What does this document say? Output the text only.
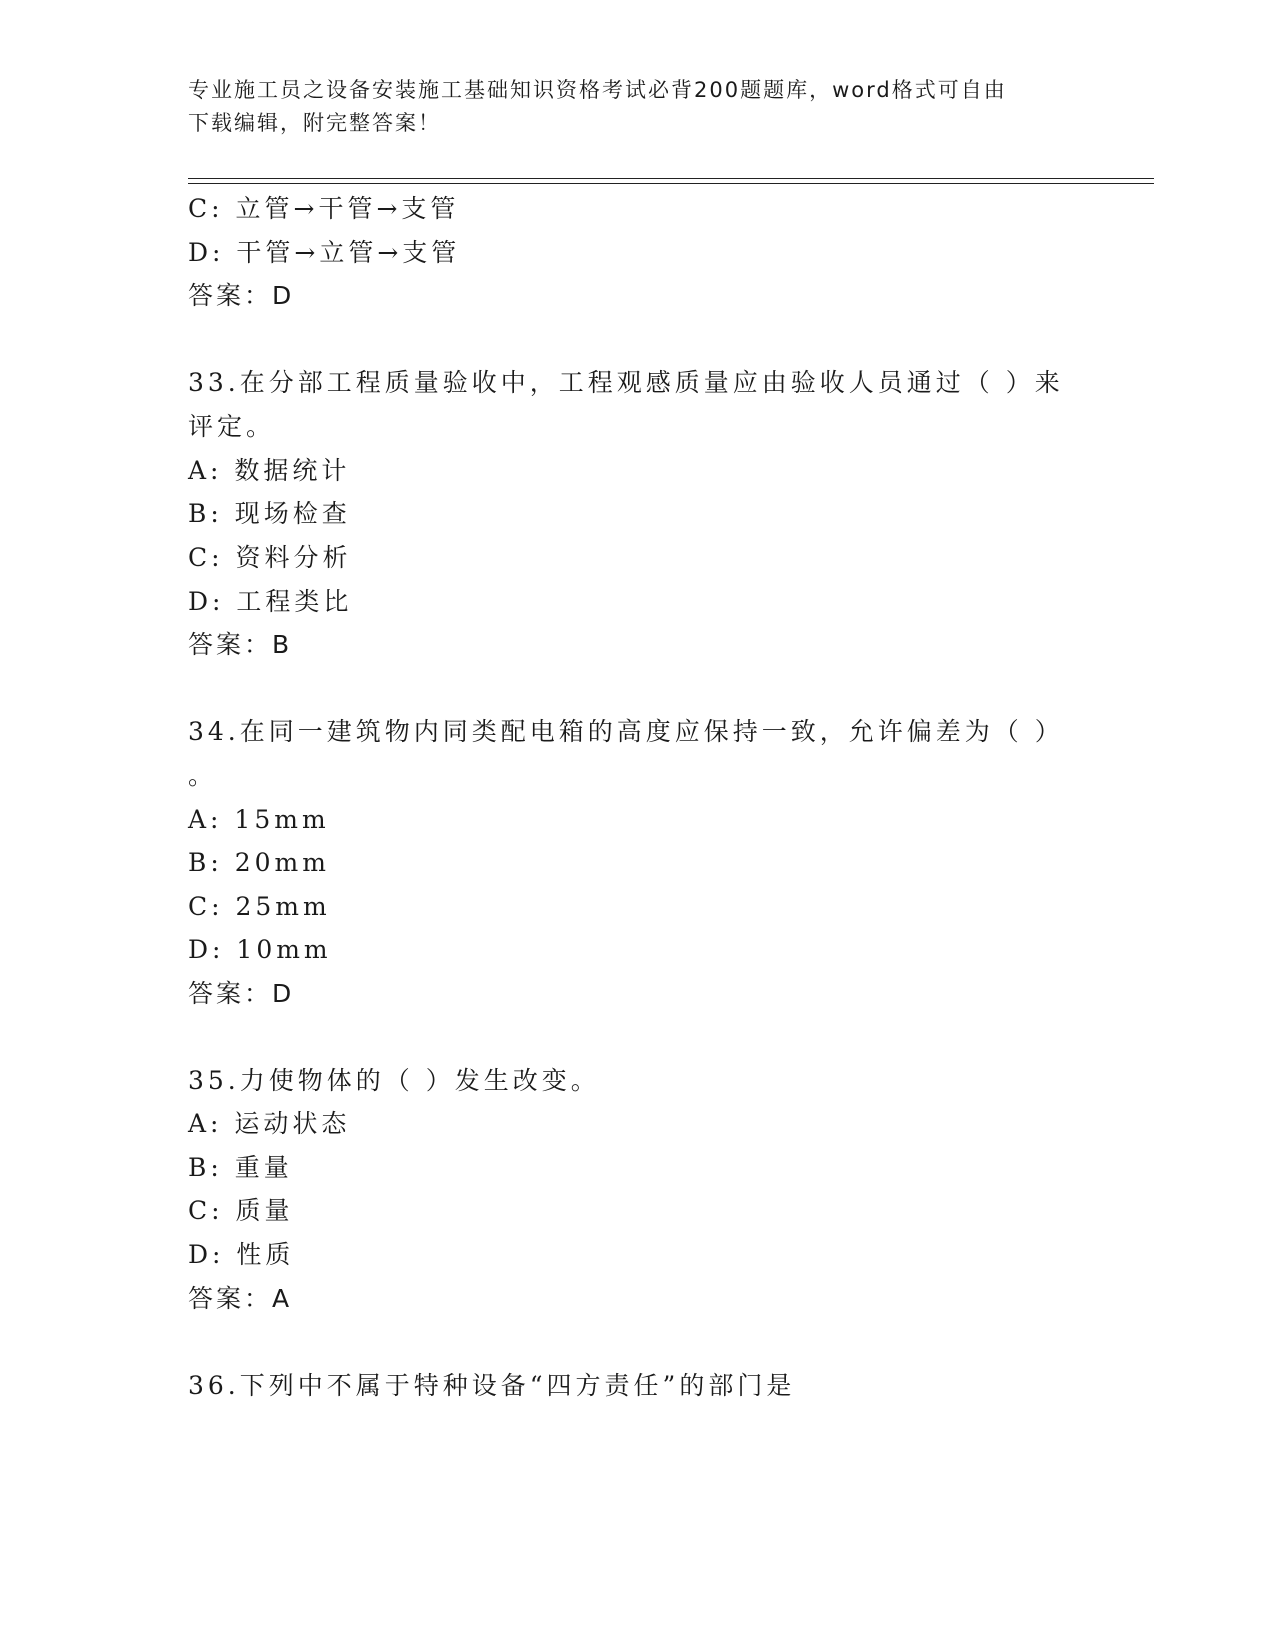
专业施工员之设备安装施工基础知识资格考试必背200题题库，word格式可自由
下载编辑，附完整答案！
C: 立管→干管→支管
D: 干管→立管→支管
答案：D
33.在分部工程质量验收中，工程观感质量应由验收人员通过（ ）来
评定。
A: 数据统计
B: 现场检查
C: 资料分析
D: 工程类比
答案：B
34.在同一建筑物内同类配电箱的高度应保持一致，允许偏差为（ ）
。
A: 15mm
B: 20mm
C: 25mm
D: 10mm
答案：D
35.力使物体的（ ）发生改变。
A: 运动状态
B: 重量
C: 质量
D: 性质
答案：A
36.下列中不属于特种设备“四方责任”的部门是
